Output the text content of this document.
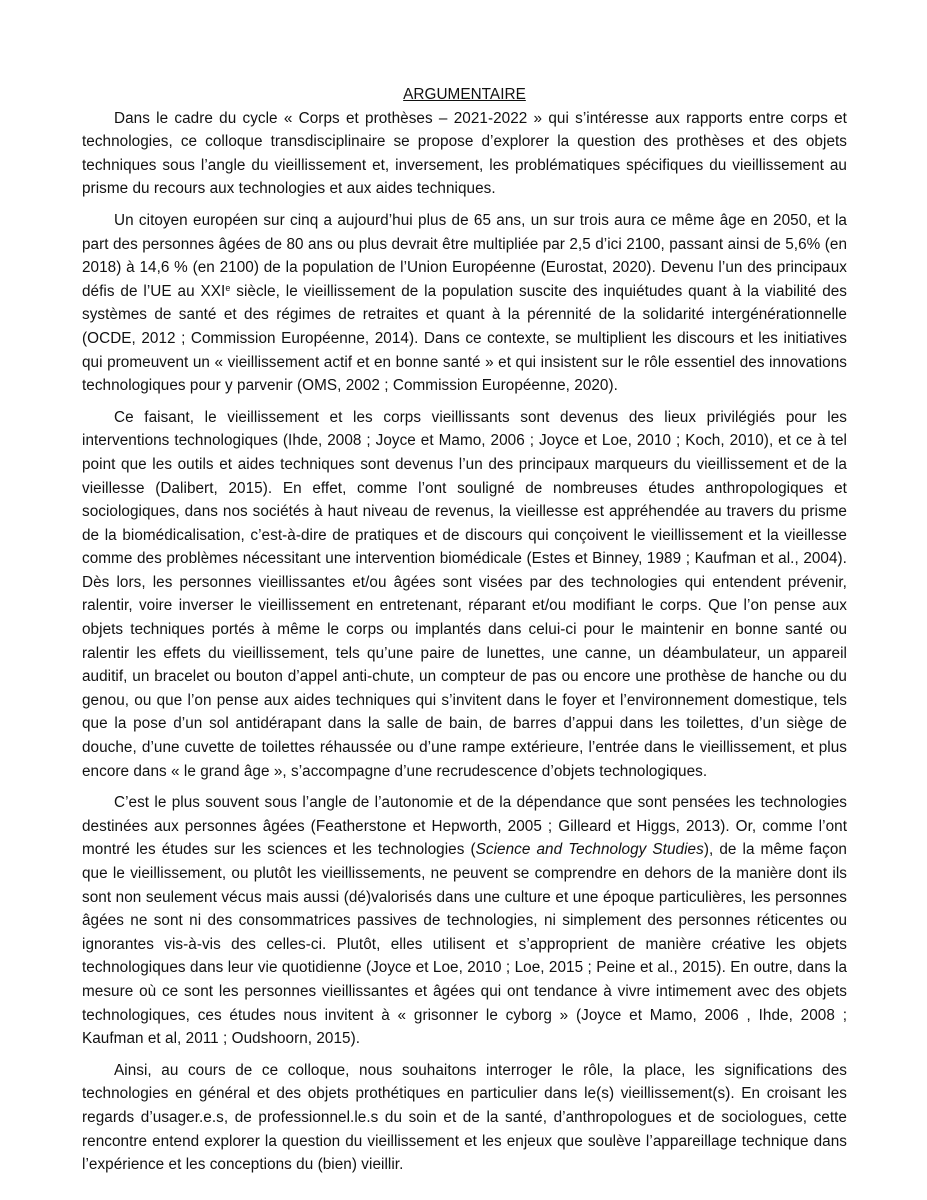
ARGUMENTAIRE

Dans le cadre du cycle « Corps et prothèses – 2021-2022 » qui s’intéresse aux rapports entre corps et technologies, ce colloque transdisciplinaire se propose d’explorer la question des prothèses et des objets techniques sous l’angle du vieillissement et, inversement, les problématiques spécifiques du vieillissement au prisme du recours aux technologies et aux aides techniques.

Un citoyen européen sur cinq a aujourd’hui plus de 65 ans, un sur trois aura ce même âge en 2050, et la part des personnes âgées de 80 ans ou plus devrait être multipliée par 2,5 d’ici 2100, passant ainsi de 5,6% (en 2018) à 14,6 % (en 2100) de la population de l’Union Européenne (Eurostat, 2020). Devenu l’un des principaux défis de l’UE au XXIe siècle, le vieillissement de la population suscite des inquiétudes quant à la viabilité des systèmes de santé et des régimes de retraites et quant à la pérennité de la solidarité intergénérationnelle (OCDE, 2012 ; Commission Européenne, 2014). Dans ce contexte, se multiplient les discours et les initiatives qui promeuvent un « vieillissement actif et en bonne santé » et qui insistent sur le rôle essentiel des innovations technologiques pour y parvenir (OMS, 2002 ; Commission Européenne, 2020).

Ce faisant, le vieillissement et les corps vieillissants sont devenus des lieux privilégiés pour les interventions technologiques (Ihde, 2008 ; Joyce et Mamo, 2006 ; Joyce et Loe, 2010 ; Koch, 2010), et ce à tel point que les outils et aides techniques sont devenus l’un des principaux marqueurs du vieillissement et de la vieillesse (Dalibert, 2015). En effet, comme l’ont souligné de nombreuses études anthropologiques et sociologiques, dans nos sociétés à haut niveau de revenus, la vieillesse est appréhendée au travers du prisme de la biomédicalisation, c’est-à-dire de pratiques et de discours qui conçoivent le vieillissement et la vieillesse comme des problèmes nécessitant une intervention biomédicale (Estes et Binney, 1989 ; Kaufman et al., 2004). Dès lors, les personnes vieillissantes et/ou âgées sont visées par des technologies qui entendent prévenir, ralentir, voire inverser le vieillissement en entretenant, réparant et/ou modifiant le corps. Que l’on pense aux objets techniques portés à même le corps ou implantés dans celui-ci pour le maintenir en bonne santé ou ralentir les effets du vieillissement, tels qu’une paire de lunettes, une canne, un déambulateur, un appareil auditif, un bracelet ou bouton d’appel anti-chute, un compteur de pas ou encore une prothèse de hanche ou du genou, ou que l’on pense aux aides techniques qui s’invitent dans le foyer et l’environnement domestique, tels que la pose d’un sol antidérapant dans la salle de bain, de barres d’appui dans les toilettes, d’un siège de douche, d’une cuvette de toilettes réhaussée ou d’une rampe extérieure, l’entrée dans le vieillissement, et plus encore dans « le grand âge », s’accompagne d’une recrudescence d’objets technologiques.

C’est le plus souvent sous l’angle de l’autonomie et de la dépendance que sont pensées les technologies destinées aux personnes âgées (Featherstone et Hepworth, 2005 ; Gilleard et Higgs, 2013). Or, comme l’ont montré les études sur les sciences et les technologies (Science and Technology Studies), de la même façon que le vieillissement, ou plutôt les vieillissements, ne peuvent se comprendre en dehors de la manière dont ils sont non seulement vécus mais aussi (dé)valorisés dans une culture et une époque particulières, les personnes âgées ne sont ni des consommatrices passives de technologies, ni simplement des personnes réticentes ou ignorantes vis-à-vis des celles-ci. Plutôt, elles utilisent et s’approprient de manière créative les objets technologiques dans leur vie quotidienne (Joyce et Loe, 2010 ; Loe, 2015 ; Peine et al., 2015). En outre, dans la mesure où ce sont les personnes vieillissantes et âgées qui ont tendance à vivre intimement avec des objets technologiques, ces études nous invitent à « grisonner le cyborg » (Joyce et Mamo, 2006 , Ihde, 2008 ; Kaufman et al, 2011 ; Oudshoorn, 2015).

Ainsi, au cours de ce colloque, nous souhaitons interroger le rôle, la place, les significations des technologies en général et des objets prothétiques en particulier dans le(s) vieillissement(s). En croisant les regards d’usager.e.s, de professionnel.le.s du soin et de la santé, d’anthropologues et de sociologues, cette rencontre entend explorer la question du vieillissement et les enjeux que soulève l’appareillage technique dans l’expérience et les conceptions du (bien) vieillir.
